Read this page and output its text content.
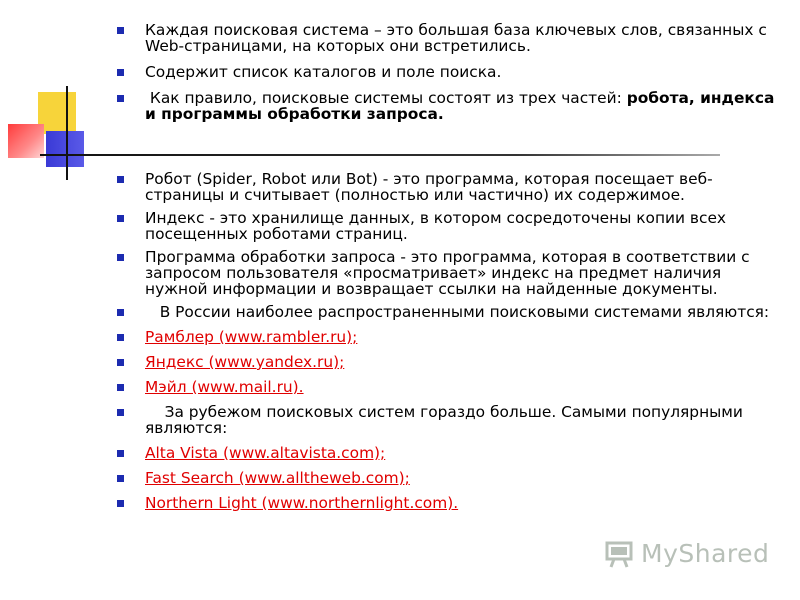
Каждая поисковая система – это большая база ключевых слов, связанных с Web-страницами, на которых они встретились.
Содержит список каталогов и поле поиска.
Как правило, поисковые системы состоят из трех частей: робота, индекса и программы обработки запроса.
Робот (Spider, Robot или Bot) - это программа, которая посещает веб-страницы и считывает (полностью или частично) их содержимое.
Индекс - это хранилище данных, в котором сосредоточены копии всех посещенных роботами страниц.
Программа обработки запроса - это программа, которая в соответствии с запросом пользователя «просматривает» индекс на предмет наличия нужной информации и возвращает ссылки на найденные документы.
В России наиболее распространенными поисковыми системами являются:
Рамблер (www.rambler.ru);
Яндекс (www.yandex.ru);
Мэйл (www.mail.ru).
За рубежом поисковых систем гораздо больше. Самыми популярными являются:
Alta Vista (www.altavista.com);
Fast Search (www.alltheweb.com);
Northern Light (www.northernlight.com).
MyShared
